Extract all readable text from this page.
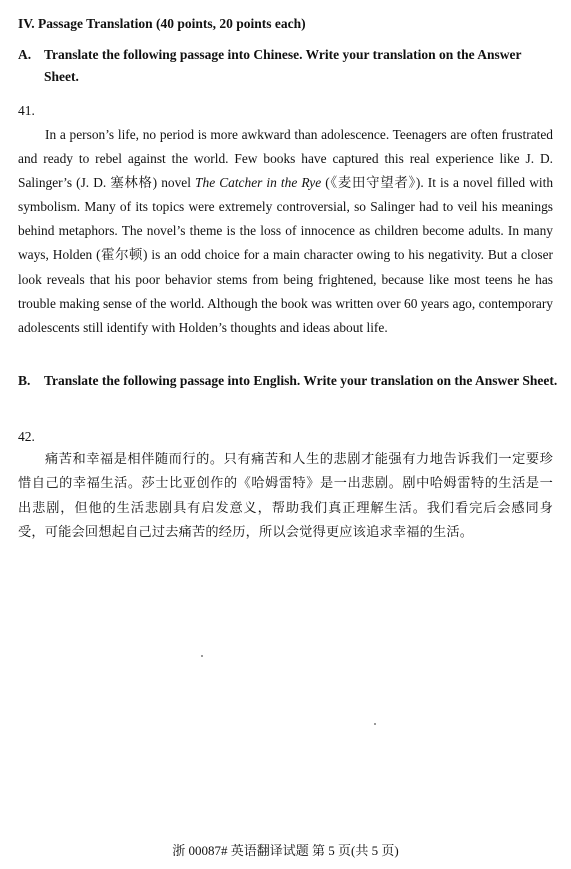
IV. Passage Translation (40 points, 20 points each)
A. Translate the following passage into Chinese. Write your translation on the Answer Sheet.
41.

In a person’s life, no period is more awkward than adolescence. Teenagers are often frustrated and ready to rebel against the world. Few books have captured this real experience like J. D. Salinger’s (J. D. 塞林格) novel The Catcher in the Rye (《麦田守望者》). It is a novel filled with symbolism. Many of its topics were extremely controversial, so Salinger had to veil his meanings behind metaphors. The novel’s theme is the loss of innocence as children become adults. In many ways, Holden (霍尔顿) is an odd choice for a main character owing to his negativity. But a closer look reveals that his poor behavior stems from being frightened, because like most teens he has trouble making sense of the world. Although the book was written over 60 years ago, contemporary adolescents still identify with Holden’s thoughts and ideas about life.

B.	Translate the following passage into English. Write your translation on the Answer Sheet.
42.

痛苦和幸福是相伴随而行的。只有痛苦和人生的悲剧才能强有力地告诉我们一定要珍惜自己的幸福生活。莎士比亚创作的《哈姆雷特》是一出悲剧。剧中哈姆雷特的生活是一出悲剧，但他的生活悲剧具有启发意义，帮助我们真正理解生活。我们看完后会感同身受，可能会回想起自己过去痛苦的经历，所以会觉得更应该追求幸福的生活。

浙 00087# 英语翻译试题 第 5 页(共 5 页)
